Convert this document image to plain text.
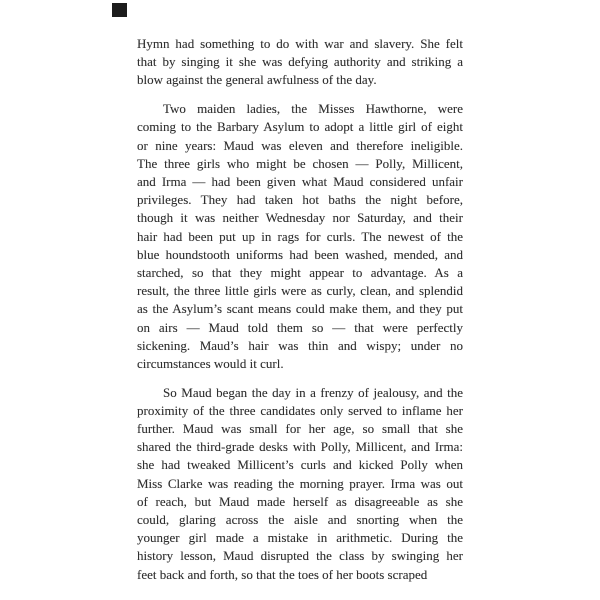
Hymn had something to do with war and slavery. She felt
that by singing it she was defying authority and striking a
blow against the general awfulness of the day.
Two maiden ladies, the Misses Hawthorne, were
coming to the Barbary Asylum to adopt a little girl of eight
or nine years: Maud was eleven and therefore ineligible.
The three girls who might be chosen — Polly, Millicent,
and Irma — had been given what Maud considered unfair
privileges. They had taken hot baths the night before,
though it was neither Wednesday nor Saturday, and their
hair had been put up in rags for curls. The newest of the
blue houndstooth uniforms had been washed, mended, and
starched, so that they might appear to advantage. As a
result, the three little girls were as curly, clean, and splendid
as the Asylum’s scant means could make them, and they put
on airs — Maud told them so — that were perfectly
sickening. Maud’s hair was thin and wispy; under no
circumstances would it curl.
So Maud began the day in a frenzy of jealousy, and the
proximity of the three candidates only served to inflame her
further. Maud was small for her age, so small that she
shared the third-grade desks with Polly, Millicent, and Irma:
she had tweaked Millicent’s curls and kicked Polly when
Miss Clarke was reading the morning prayer. Irma was out
of reach, but Maud made herself as disagreeable as she
could, glaring across the aisle and snorting when the
younger girl made a mistake in arithmetic. During the
history lesson, Maud disrupted the class by swinging her
feet back and forth, so that the toes of her boots scraped
